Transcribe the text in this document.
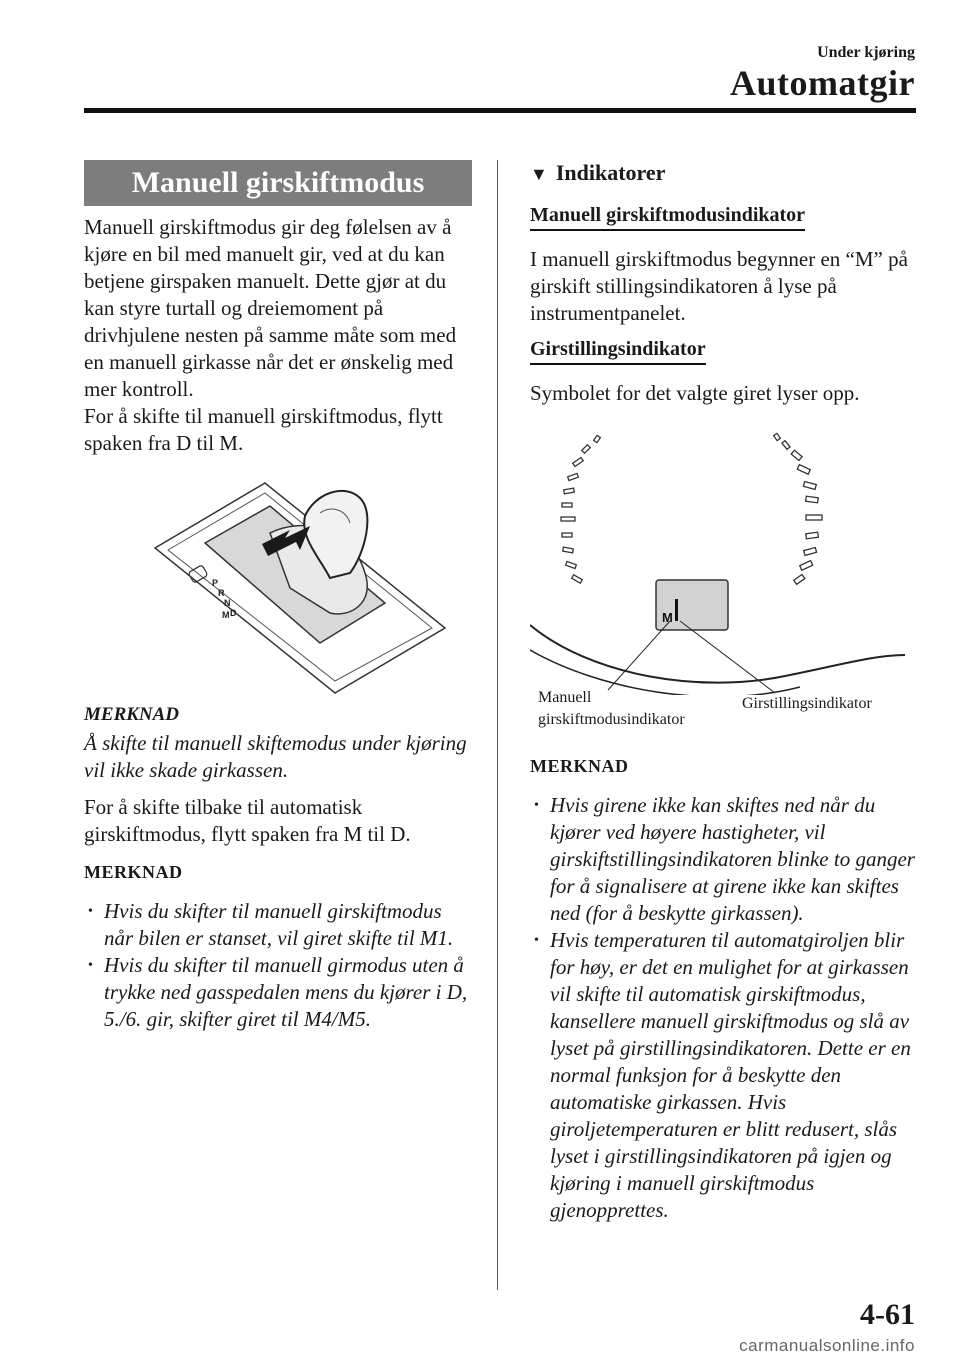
Under kjøring
Automatgir
Manuell girskiftmodus
Manuell girskiftmodus gir deg følelsen av å kjøre en bil med manuelt gir, ved at du kan betjene girspaken manuelt. Dette gjør at du kan styre turtall og dreiemoment på drivhjulene nesten på samme måte som med en manuell girkasse når det er ønskelig med mer kontroll.
For å skifte til manuell girskiftmodus, flytt spaken fra D til M.
P
R
N
D
M
MERKNAD
Å skifte til manuell skiftemodus under kjøring vil ikke skade girkassen.
For å skifte tilbake til automatisk girskiftmodus, flytt spaken fra M til D.
MERKNAD
• Hvis du skifter til manuell girskiftmodus når bilen er stanset, vil giret skifte til M1.
• Hvis du skifter til manuell girmodus uten å trykke ned gasspedalen mens du kjører i D, 5./6. gir, skifter giret til M4/M5.
▼ Indikatorer
Manuell girskiftmodusindikator
I manuell girskiftmodus begynner en “M” på girskift stillingsindikatoren å lyse på instrumentpanelet.
Girstillingsindikator
Symbolet for det valgte giret lyser opp.
M
Manuell
girskiftmodusindikator
Girstillingsindikator
MERKNAD
• Hvis girene ikke kan skiftes ned når du kjører ved høyere hastigheter, vil girskiftstillingsindikatoren blinke to ganger for å signalisere at girene ikke kan skiftes ned (for å beskytte girkassen).
• Hvis temperaturen til automatgiroljen blir for høy, er det en mulighet for at girkassen vil skifte til automatisk girskiftmodus, kansellere manuell girskiftmodus og slå av lyset på girstillingsindikatoren. Dette er en normal funksjon for å beskytte den automatiske girkassen. Hvis giroljetemperaturen er blitt redusert, slås lyset i girstillingsindikatoren på igjen og kjøring i manuell girskiftmodus gjenopprettes.
4-61
carmanualsonline.info
